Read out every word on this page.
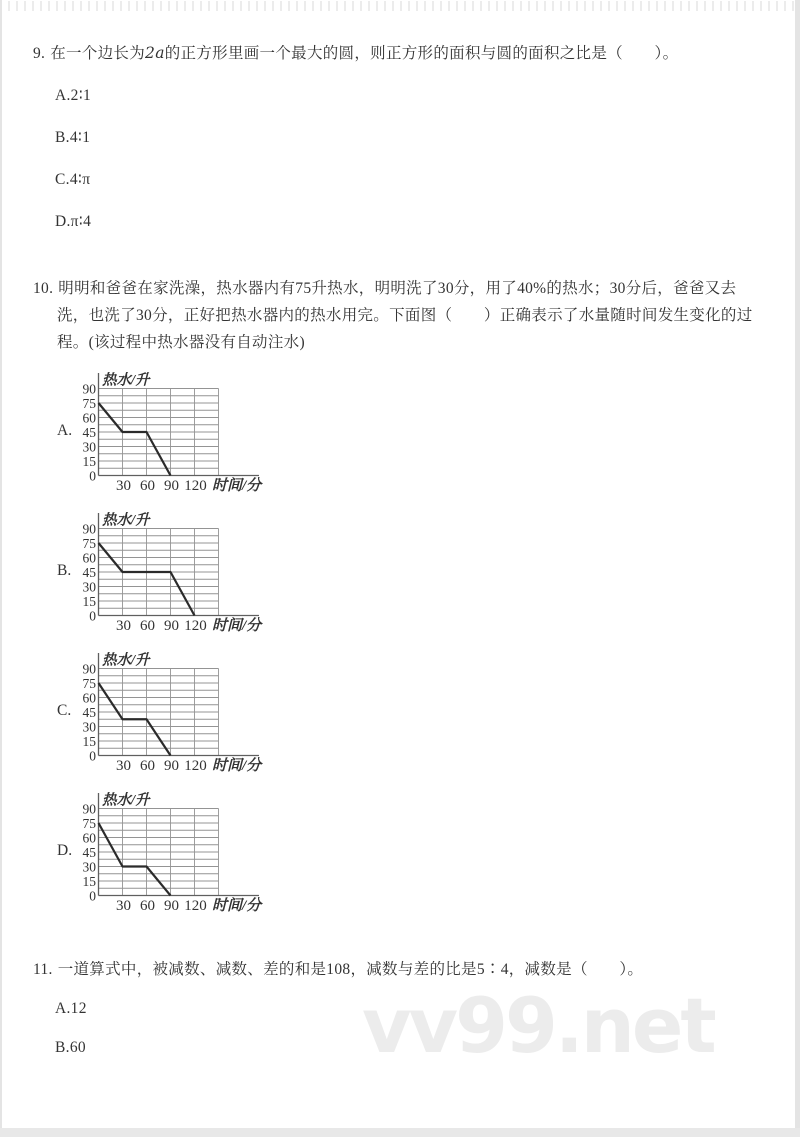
9. 在一个边长为2a的正方形里画一个最大的圆，则正方形的面积与圆的面积之比是（　　）。
A.2∶1
B.4∶1
C.4∶π
D.π∶4
10. 明明和爸爸在家洗澡，热水器内有75升热水，明明洗了30分，用了40%的热水；30分后，爸爸又去
洗，也洗了30分，正好把热水器内的热水用完。下面图（　　）正确表示了水量随时间发生变化的过
程。(该过程中热水器没有自动注水)
A.
90
75
60
45
30
15
0
30 60 90 120
热水/升
时间/分
B.
90
75
60
45
30
15
0
30 60 90 120
热水/升
时间/分
C.
90
75
60
45
30
15
0
30 60 90 120
热水/升
时间/分
D.
90
75
60
45
30
15
0
30 60 90 120
热水/升
时间/分
11. 一道算式中，被减数、减数、差的和是108，减数与差的比是5∶4，减数是（　　）。
A.12
B.60	vv99.net
